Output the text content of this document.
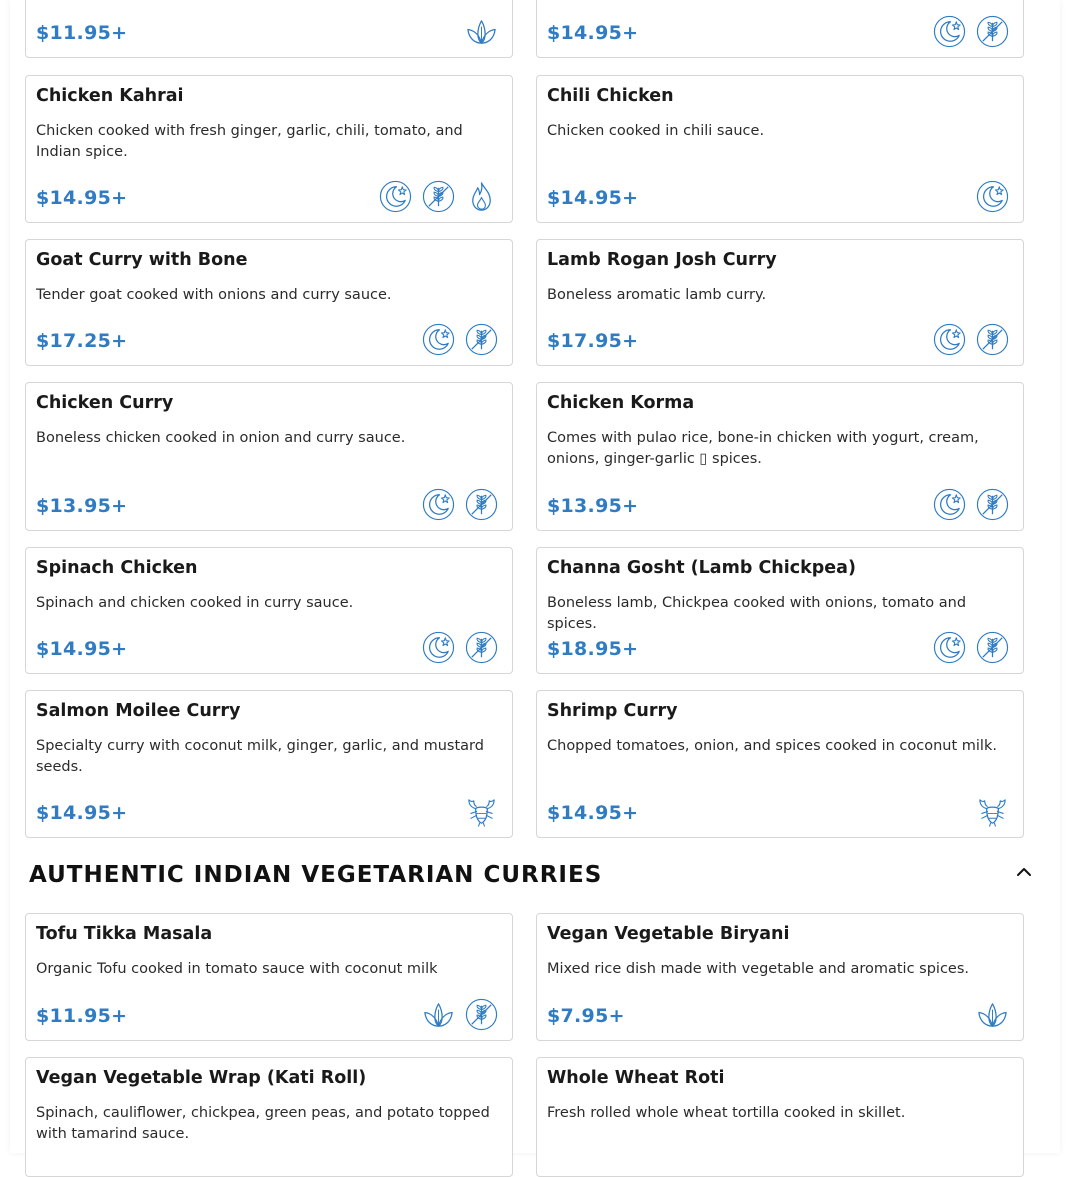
$11.95+	$14.95+
Chicken Kahrai
Chicken cooked with fresh ginger, garlic, chili, tomato, and Indian spice.
$14.95+
Chili Chicken
Chicken cooked in chili sauce.
$14.95+
Goat Curry with Bone
Tender goat cooked with onions and curry sauce.
$17.25+
Lamb Rogan Josh Curry
Boneless aromatic lamb curry.
$17.95+
Chicken Curry
Boneless chicken cooked in onion and curry sauce.
$13.95+
Chicken Korma
Comes with pulao rice, bone-in chicken with yogurt, cream, onions, ginger-garlic ▯ spices.
$13.95+
Spinach Chicken
Spinach and chicken cooked in curry sauce.
$14.95+
Channa Gosht (Lamb Chickpea)
Boneless lamb, Chickpea cooked with onions, tomato and spices.
$18.95+
Salmon Moilee Curry
Specialty curry with coconut milk, ginger, garlic, and mustard seeds.
$14.95+
Shrimp Curry
Chopped tomatoes, onion, and spices cooked in coconut milk.
$14.95+
AUTHENTIC INDIAN VEGETARIAN CURRIES
Tofu Tikka Masala
Organic Tofu cooked in tomato sauce with coconut milk
$11.95+
Vegan Vegetable Biryani
Mixed rice dish made with vegetable and aromatic spices.
$7.95+
Vegan Vegetable Wrap (Kati Roll)
Spinach, cauliflower, chickpea, green peas, and potato topped with tamarind sauce.
Whole Wheat Roti
Fresh rolled whole wheat tortilla cooked in skillet.
